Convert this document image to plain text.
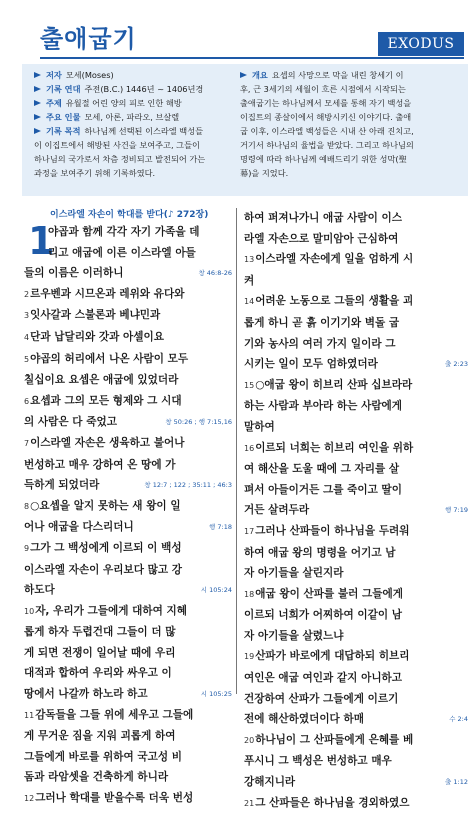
출애굽기	EXODUS
저자 모세(Moses)
기록 연대 주전(B.C.) 1446년 ~ 1406년경
주제 유월절 어린 양의 피로 인한 해방
주요 인물 모세, 아론, 파라오, 브살렐
기록 목적 하나님께 선택된 이스라엘 백성들
이 이집트에서 해방된 사건을 보여주고, 그들이
하나님의 국가로서 차츰 정비되고 발전되어 가는
과정을 보여주기 위해 기록하였다.
개요 요셉의 사망으로 막을 내린 창세기 이
후, 근 3세기의 세월이 흐른 시점에서 시작되는
출애굽기는 하나님께서 모세를 통해 자기 백성을
이집트의 종살이에서 해방시키신 이야기다. 출애
굽 이후, 이스라엘 백성들은 시내 산 아래 진치고,
거기서 하나님의 율법을 받았다. 그리고 하나님의
명령에 따라 하나님께 예배드리기 위한 성막(聖
幕)을 지었다.
1
이스라엘 자손이 학대를 받다(♪ 272장)
야곱과 함께 각각 자기 가족을 데
리고 애굽에 이른 이스라엘 아들
들의 이름은 이러하니	창 46:8-26
2르우벤과 시므온과 레위와 유다와
3잇사갈과 스불론과 베냐민과
4단과 납달리와 갓과 아셀이요
5야곱의 허리에서 나온 사람이 모두
칠십이요 요셉은 애굽에 있었더라
6요셉과 그의 모든 형제와 그 시대
의 사람은 다 죽었고	창 50:26 ; 행 7:15,16
7이스라엘 자손은 생육하고 불어나
번성하고 매우 강하여 온 땅에 가
득하게 되었더라	창 12:7 ; 122 ; 35:11 ; 46:3
8○요셉을 알지 못하는 새 왕이 일
어나 애굽을 다스리더니	행 7:18
9그가 그 백성에게 이르되 이 백성
이스라엘 자손이 우리보다 많고 강
하도다	시 105:24
10자, 우리가 그들에게 대하여 지혜
롭게 하자 두렵건대 그들이 더 많
게 되면 전쟁이 일어날 때에 우리
대적과 합하여 우리와 싸우고 이
땅에서 나갈까 하노라 하고	시 105:25
11감독들을 그들 위에 세우고 그들에
게 무거운 짐을 지워 괴롭게 하여
그들에게 바로를 위하여 국고성 비
돔과 라암셋을 건축하게 하니라
12그러나 학대를 받을수록 더욱 번성
하여 퍼져나가니 애굽 사람이 이스
라엘 자손으로 말미암아 근심하여
13이스라엘 자손에게 일을 엄하게 시
켜
14어려운 노동으로 그들의 생활을 괴
롭게 하니 곧 흙 이기기와 벽돌 굽
기와 농사의 여러 가지 일이라 그
시키는 일이 모두 엄하였더라	출 2:23
15○애굽 왕이 히브리 산파 십브라라
하는 사람과 부아라 하는 사람에게
말하여
16이르되 너희는 히브리 여인을 위하
여 해산을 도울 때에 그 자리를 살
펴서 아들이거든 그를 죽이고 딸이
거든 살려두라	행 7:19
17그러나 산파들이 하나님을 두려워
하여 애굽 왕의 명령을 어기고 남
자 아기들을 살린지라
18애굽 왕이 산파를 불러 그들에게
이르되 너희가 어찌하여 이같이 남
자 아기들을 살렸느냐
19산파가 바로에게 대답하되 히브리
여인은 애굽 여인과 같지 아니하고
건장하여 산파가 그들에게 이르기
전에 해산하였더이다 하매	수 2:4
20하나님이 그 산파들에게 은혜를 베
푸시니 그 백성은 번성하고 매우
강해지니라	출 1:12
21그 산파들은 하나님을 경외하였으
